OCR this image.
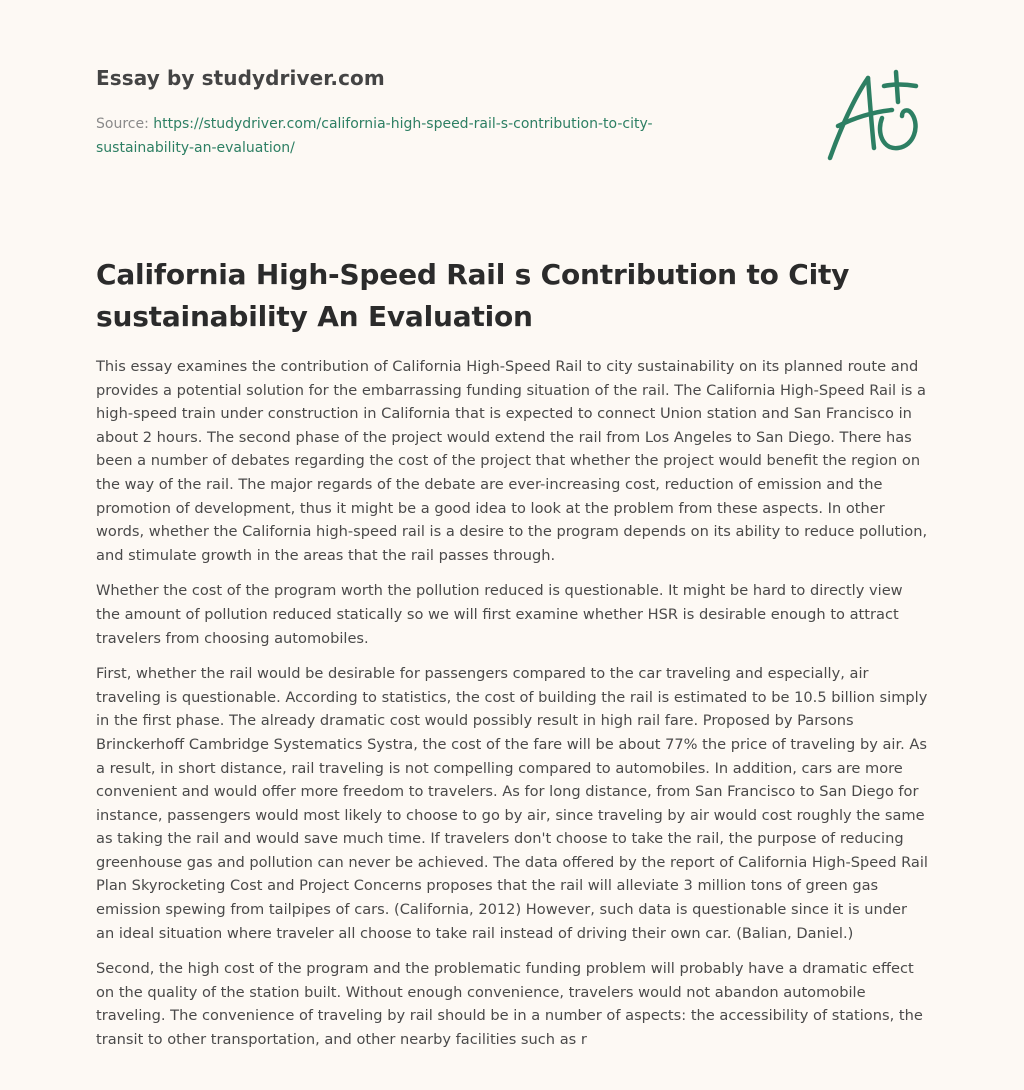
Essay by studydriver.com
Source: https://studydriver.com/california-high-speed-rail-s-contribution-to-city-sustainability-an-evaluation/
California High-Speed Rail s Contribution to City sustainability An Evaluation

This essay examines the contribution of California High-Speed Rail to city sustainability on its planned route and provides a potential solution for the embarrassing funding situation of the rail. The California High-Speed Rail is a high-speed train under construction in California that is expected to connect Union station and San Francisco in about 2 hours. The second phase of the project would extend the rail from Los Angeles to San Diego. There has been a number of debates regarding the cost of the project that whether the project would benefit the region on the way of the rail. The major regards of the debate are ever-increasing cost, reduction of emission and the promotion of development, thus it might be a good idea to look at the problem from these aspects. In other words, whether the California high-speed rail is a desire to the program depends on its ability to reduce pollution, and stimulate growth in the areas that the rail passes through.

Whether the cost of the program worth the pollution reduced is questionable. It might be hard to directly view the amount of pollution reduced statically so we will first examine whether HSR is desirable enough to attract travelers from choosing automobiles.

First, whether the rail would be desirable for passengers compared to the car traveling and especially, air traveling is questionable. According to statistics, the cost of building the rail is estimated to be 10.5 billion simply in the first phase. The already dramatic cost would possibly result in high rail fare. Proposed by Parsons Brinckerhoff Cambridge Systematics Systra, the cost of the fare will be about 77% the price of traveling by air. As a result, in short distance, rail traveling is not compelling compared to automobiles. In addition, cars are more convenient and would offer more freedom to travelers. As for long distance, from San Francisco to San Diego for instance, passengers would most likely to choose to go by air, since traveling by air would cost roughly the same as taking the rail and would save much time. If travelers don't choose to take the rail, the purpose of reducing greenhouse gas and pollution can never be achieved. The data offered by the report of California High-Speed Rail Plan Skyrocketing Cost and Project Concerns proposes that the rail will alleviate 3 million tons of green gas emission spewing from tailpipes of cars. (California, 2012) However, such data is questionable since it is under an ideal situation where traveler all choose to take rail instead of driving their own car. (Balian, Daniel.)

Second, the high cost of the program and the problematic funding problem will probably have a dramatic effect on the quality of the station built. Without enough convenience, travelers would not abandon automobile traveling. The convenience of traveling by rail should be in a number of aspects: the accessibility of stations, the transit to other transportation, and other nearby facilities such as r
